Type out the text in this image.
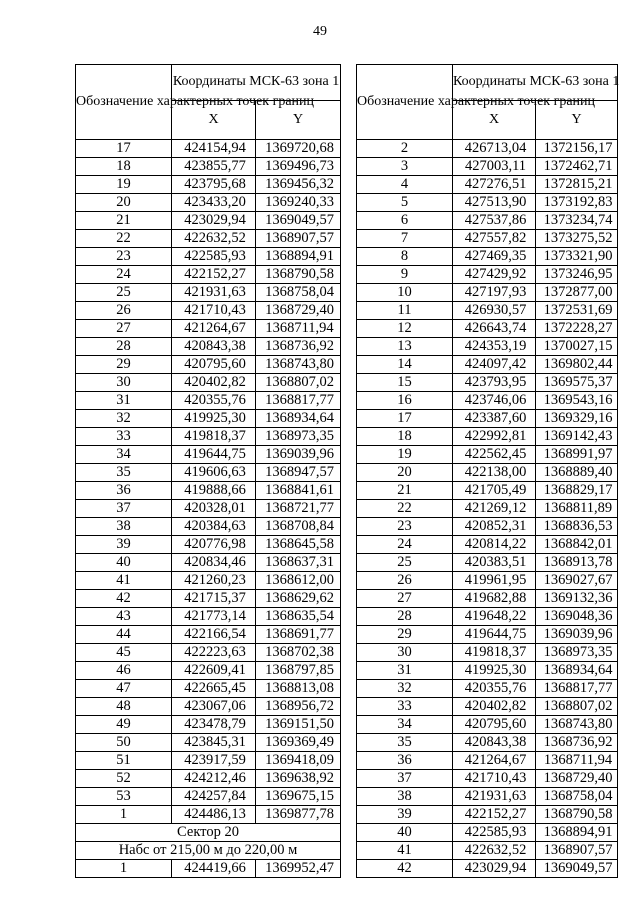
49
Обозначение характерных точек границ	Координаты МСК-63 зона 1	
	X	Y
17	424154,94	1369720,68
18	423855,77	1369496,73
19	423795,68	1369456,32
20	423433,20	1369240,33
21	423029,94	1369049,57
22	422632,52	1368907,57
23	422585,93	1368894,91
24	422152,27	1368790,58
25	421931,63	1368758,04
26	421710,43	1368729,40
27	421264,67	1368711,94
28	420843,38	1368736,92
29	420795,60	1368743,80
30	420402,82	1368807,02
31	420355,76	1368817,77
32	419925,30	1368934,64
33	419818,37	1368973,35
34	419644,75	1369039,96
35	419606,63	1368947,57
36	419888,66	1368841,61
37	420328,01	1368721,77
38	420384,63	1368708,84
39	420776,98	1368645,58
40	420834,46	1368637,31
41	421260,23	1368612,00
42	421715,37	1368629,62
43	421773,14	1368635,54
44	422166,54	1368691,77
45	422223,63	1368702,38
46	422609,41	1368797,85
47	422665,45	1368813,08
48	423067,06	1368956,72
49	423478,79	1369151,50
50	423845,31	1369369,49
51	423917,59	1369418,09
52	424212,46	1369638,92
53	424257,84	1369675,15
1	424486,13	1369877,78
Сектор 20		
Набс от 215,00 м до 220,00 м		
1	424419,66	1369952,47
Обозначение характерных точек границ	Координаты МСК-63 зона 1	
	X	Y
2	426713,04	1372156,17
3	427003,11	1372462,71
4	427276,51	1372815,21
5	427513,90	1373192,83
6	427537,86	1373234,74
7	427557,82	1373275,52
8	427469,35	1373321,90
9	427429,92	1373246,95
10	427197,93	1372877,00
11	426930,57	1372531,69
12	426643,74	1372228,27
13	424353,19	1370027,15
14	424097,42	1369802,44
15	423793,95	1369575,37
16	423746,06	1369543,16
17	423387,60	1369329,16
18	422992,81	1369142,43
19	422562,45	1368991,97
20	422138,00	1368889,40
21	421705,49	1368829,17
22	421269,12	1368811,89
23	420852,31	1368836,53
24	420814,22	1368842,01
25	420383,51	1368913,78
26	419961,95	1369027,67
27	419682,88	1369132,36
28	419648,22	1369048,36
29	419644,75	1369039,96
30	419818,37	1368973,35
31	419925,30	1368934,64
32	420355,76	1368817,77
33	420402,82	1368807,02
34	420795,60	1368743,80
35	420843,38	1368736,92
36	421264,67	1368711,94
37	421710,43	1368729,40
38	421931,63	1368758,04
39	422152,27	1368790,58
40	422585,93	1368894,91
41	422632,52	1368907,57
42	423029,94	1369049,57
